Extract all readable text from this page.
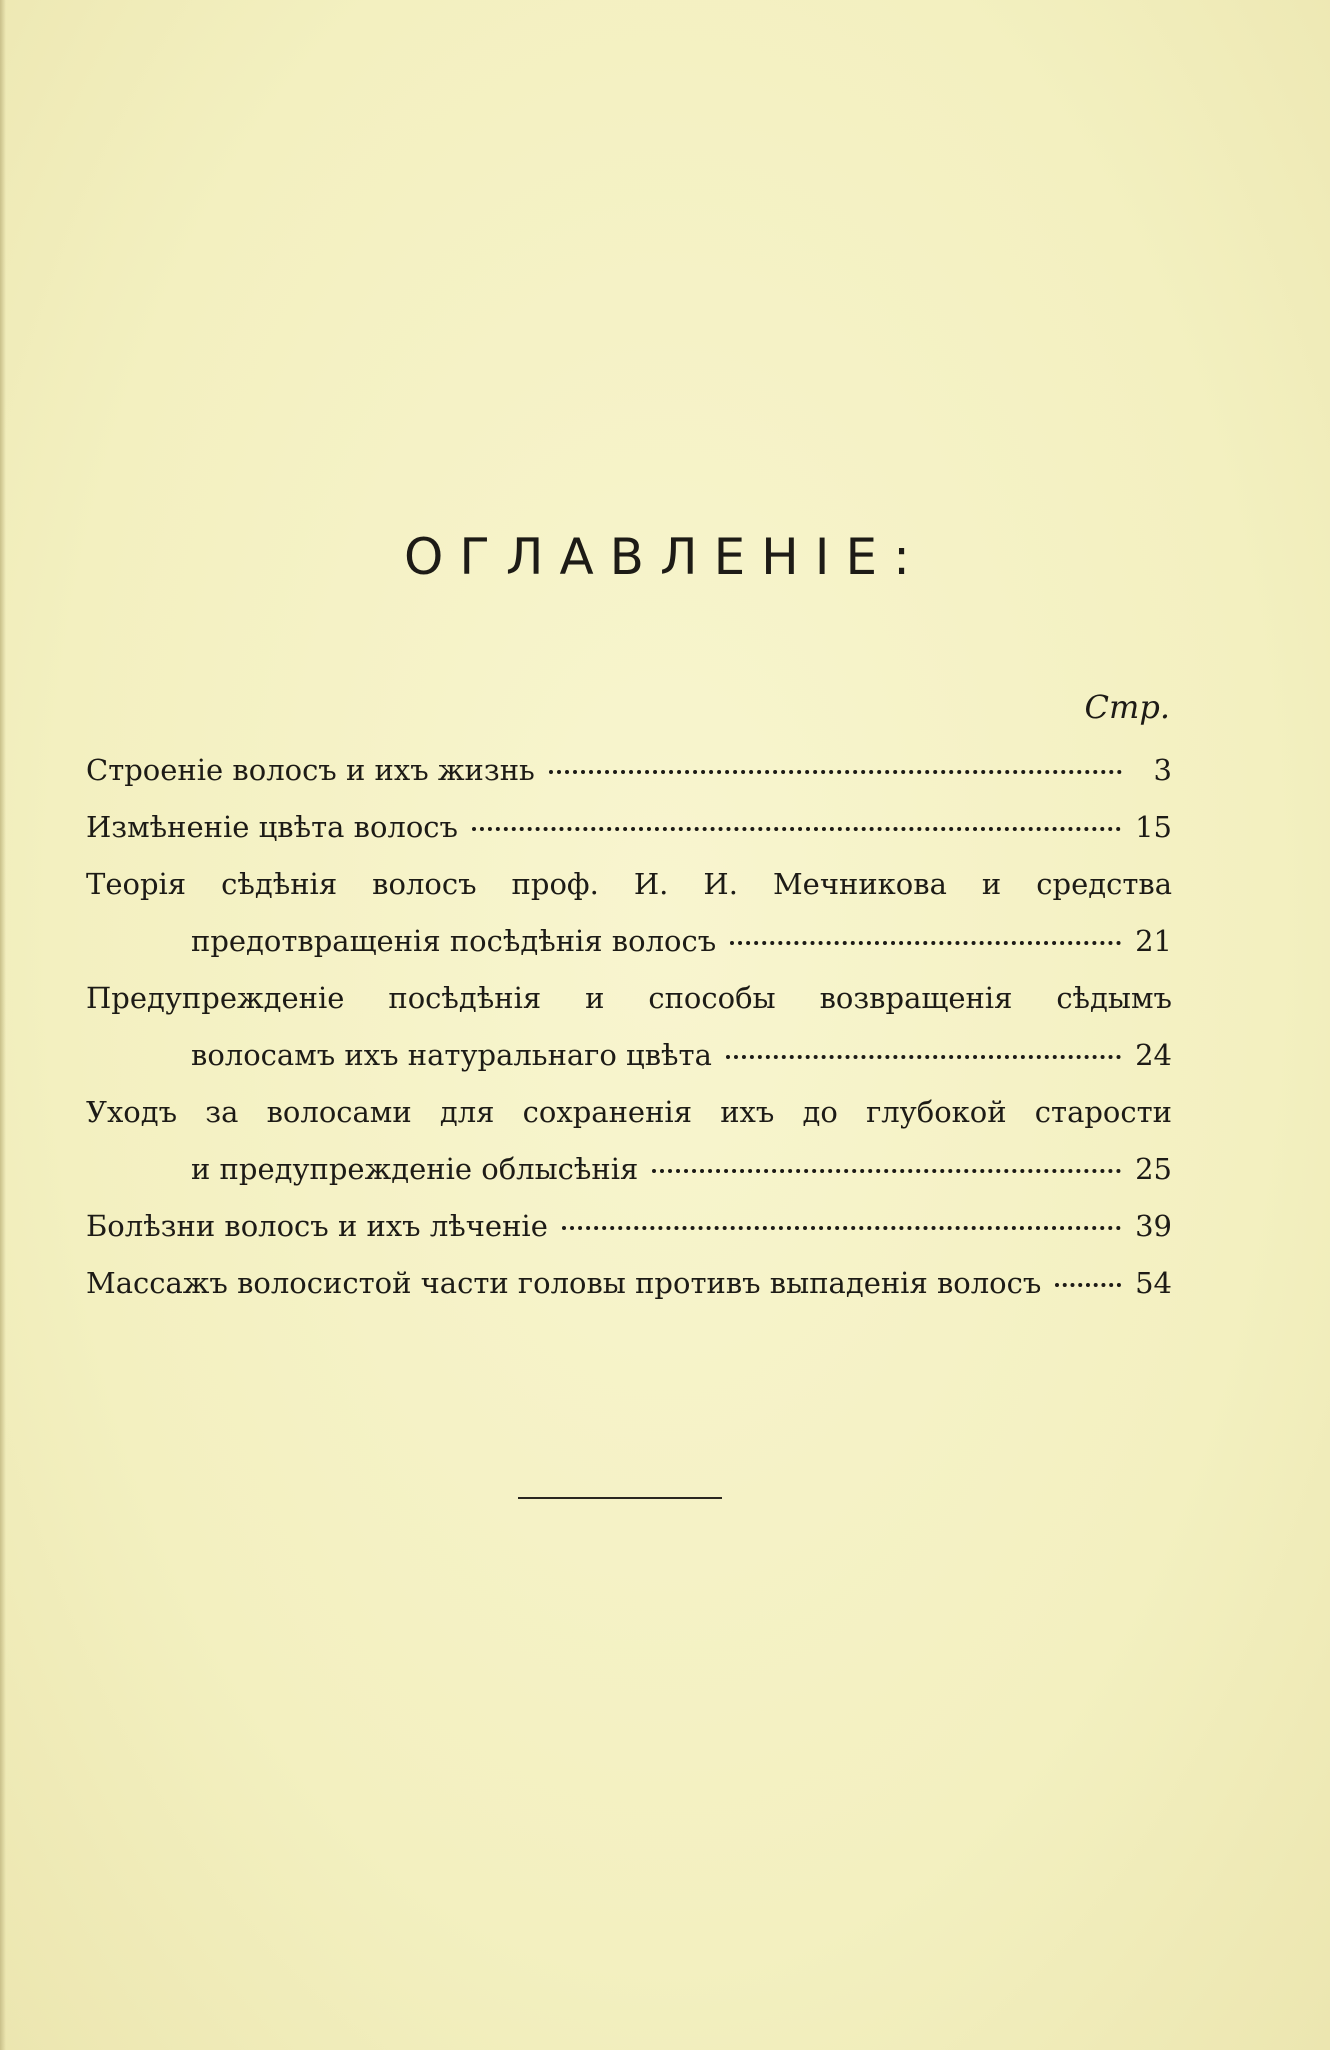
ОГЛАВЛЕНІЕ:
Стр.
Строеніе волосъ и ихъ жизнь	3
Измѣненіе цвѣта волосъ	15
Теорія сѣдѣнія волосъ проф. И. И. Мечникова и средства
предотвращенія посѣдѣнія волосъ	21
Предупрежденіе посѣдѣнія и способы возвращенія сѣдымъ
волосамъ ихъ натуральнаго цвѣта	24
Уходъ за волосами для сохраненія ихъ до глубокой старости
и предупрежденіе облысѣнія	25
Болѣзни волосъ и ихъ лѣченіе	39
Массажъ волосистой части головы противъ выпаденія волосъ	54
